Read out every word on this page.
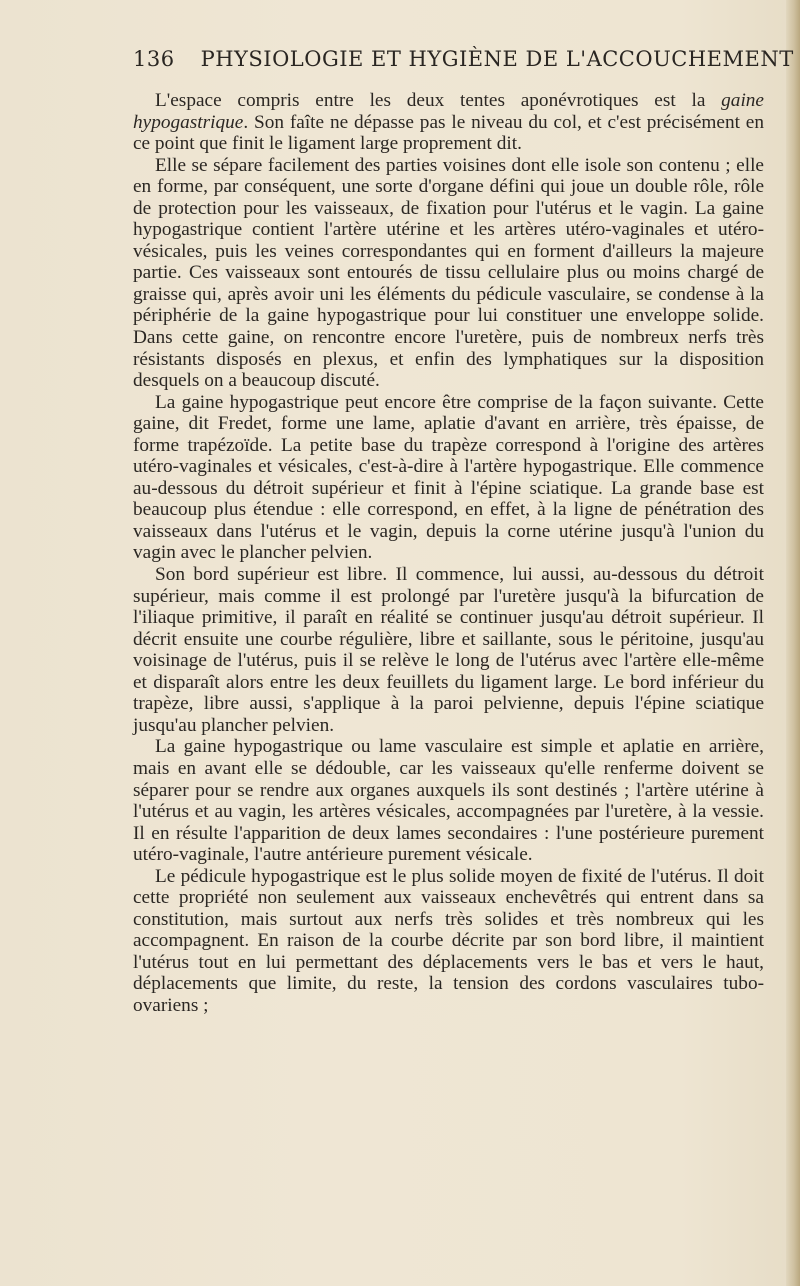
136 PHYSIOLOGIE ET HYGIÈNE DE L'ACCOUCHEMENT

L'espace compris entre les deux tentes aponévrotiques est la gaine hypogastrique. Son faîte ne dépasse pas le niveau du col, et c'est précisément en ce point que finit le ligament large proprement dit.

Elle se sépare facilement des parties voisines dont elle isole son contenu ; elle en forme, par conséquent, une sorte d'organe défini qui joue un double rôle, rôle de protection pour les vaisseaux, de fixation pour l'utérus et le vagin. La gaine hypogastrique contient l'artère utérine et les artères utéro-vaginales et utéro-vésicales, puis les veines correspondantes qui en forment d'ailleurs la majeure partie. Ces vaisseaux sont entourés de tissu cellulaire plus ou moins chargé de graisse qui, après avoir uni les éléments du pédicule vasculaire, se condense à la périphérie de la gaine hypogastrique pour lui constituer une enveloppe solide. Dans cette gaine, on rencontre encore l'uretère, puis de nombreux nerfs très résistants disposés en plexus, et enfin des lymphatiques sur la disposition desquels on a beaucoup discuté.

La gaine hypogastrique peut encore être comprise de la façon suivante. Cette gaine, dit Fredet, forme une lame, aplatie d'avant en arrière, très épaisse, de forme trapézoïde. La petite base du trapèze correspond à l'origine des artères utéro-vaginales et vésicales, c'est-à-dire à l'artère hypogastrique. Elle commence au-dessous du détroit supérieur et finit à l'épine sciatique. La grande base est beaucoup plus étendue : elle correspond, en effet, à la ligne de pénétration des vaisseaux dans l'utérus et le vagin, depuis la corne utérine jusqu'à l'union du vagin avec le plancher pelvien.

Son bord supérieur est libre. Il commence, lui aussi, au-dessous du détroit supérieur, mais comme il est prolongé par l'uretère jusqu'à la bifurcation de l'iliaque primitive, il paraît en réalité se continuer jusqu'au détroit supérieur. Il décrit ensuite une courbe régulière, libre et saillante, sous le péritoine, jusqu'au voisinage de l'utérus, puis il se relève le long de l'utérus avec l'artère elle-même et disparaît alors entre les deux feuillets du ligament large. Le bord inférieur du trapèze, libre aussi, s'applique à la paroi pelvienne, depuis l'épine sciatique jusqu'au plancher pelvien.

La gaine hypogastrique ou lame vasculaire est simple et aplatie en arrière, mais en avant elle se dédouble, car les vaisseaux qu'elle renferme doivent se séparer pour se rendre aux organes auxquels ils sont destinés ; l'artère utérine à l'utérus et au vagin, les artères vésicales, accompagnées par l'uretère, à la vessie. Il en résulte l'apparition de deux lames secondaires : l'une postérieure purement utéro-vaginale, l'autre antérieure purement vésicale.

Le pédicule hypogastrique est le plus solide moyen de fixité de l'utérus. Il doit cette propriété non seulement aux vaisseaux enchevêtrés qui entrent dans sa constitution, mais surtout aux nerfs très solides et très nombreux qui les accompagnent. En raison de la courbe décrite par son bord libre, il maintient l'utérus tout en lui permettant des déplacements vers le bas et vers le haut, déplacements que limite, du reste, la tension des cordons vasculaires tubo-ovariens ;
